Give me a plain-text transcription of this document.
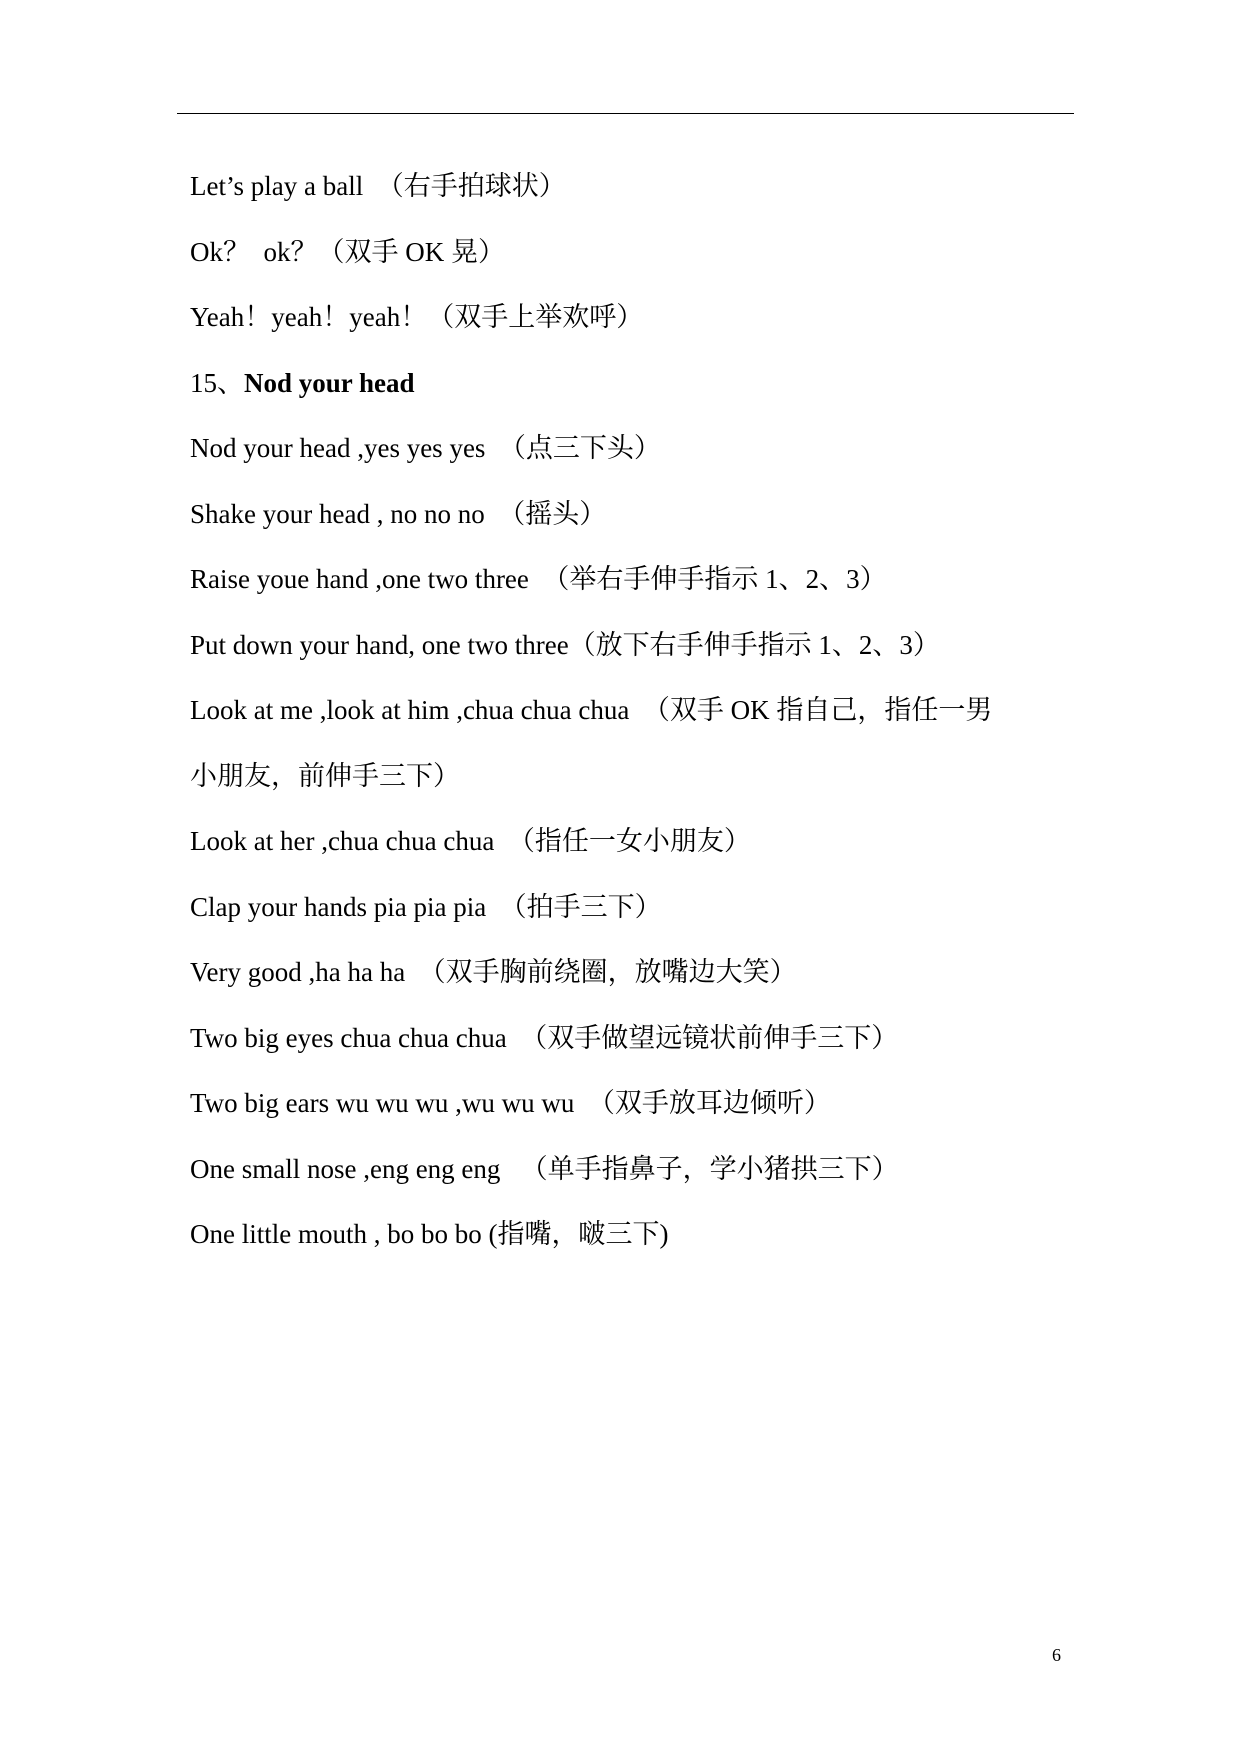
Let’s play a ball  （右手拍球状）
Ok？  ok？（双手 OK 晃）
Yeah！yeah！yeah！（双手上举欢呼）
15、Nod your head
Nod your head ,yes yes yes  （点三下头）
Shake your head , no no no  （摇头）
Raise youe hand ,one two three  （举右手伸手指示 1、2、3）
Put down your hand, one two three（放下右手伸手指示 1、2、3）
Look at me ,look at him ,chua chua chua  （双手 OK 指自己，指任一男
小朋友，前伸手三下）
Look at her ,chua chua chua  （指任一女小朋友）
Clap your hands pia pia pia  （拍手三下）
Very good ,ha ha ha  （双手胸前绕圈，放嘴边大笑）
Two big eyes chua chua chua  （双手做望远镜状前伸手三下）
Two big ears wu wu wu ,wu wu wu  （双手放耳边倾听）
One small nose ,eng eng eng   （单手指鼻子，学小猪拱三下）
One little mouth , bo bo bo (指嘴，啵三下)
6
